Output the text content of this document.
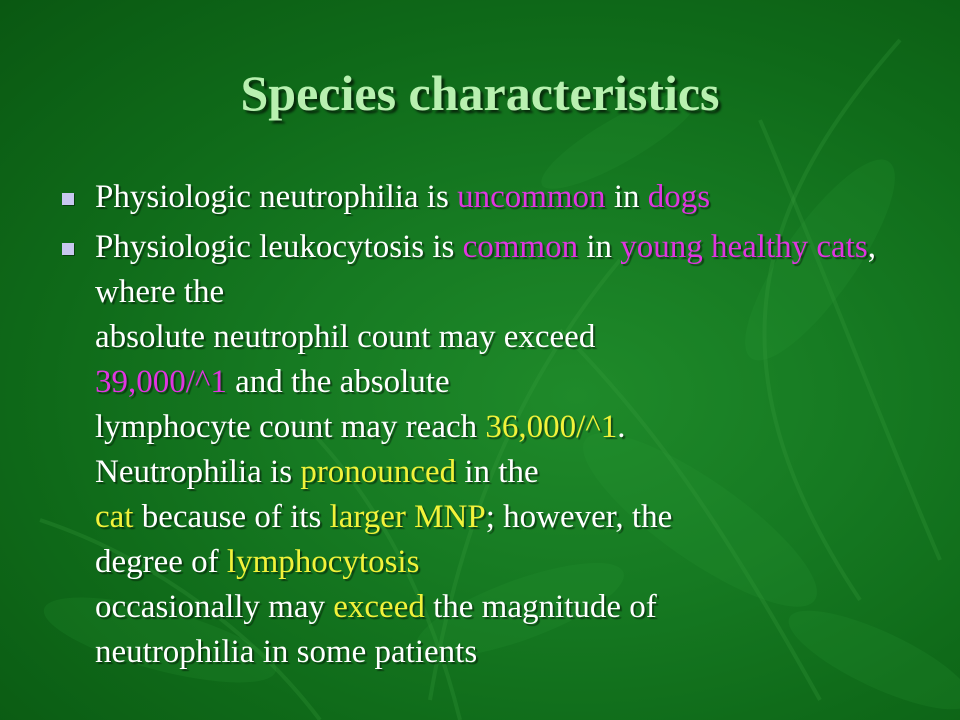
Species characteristics
Physiologic neutrophilia is uncommon in dogs
Physiologic leukocytosis is common in young healthy cats, where the
absolute neutrophil count may exceed
39,000/^1 and the absolute
lymphocyte count may reach 36,000/^1.
Neutrophilia is pronounced in the
cat because of its larger MNP; however, the
degree of lymphocytosis
occasionally may exceed the magnitude of
neutrophilia in some patients
